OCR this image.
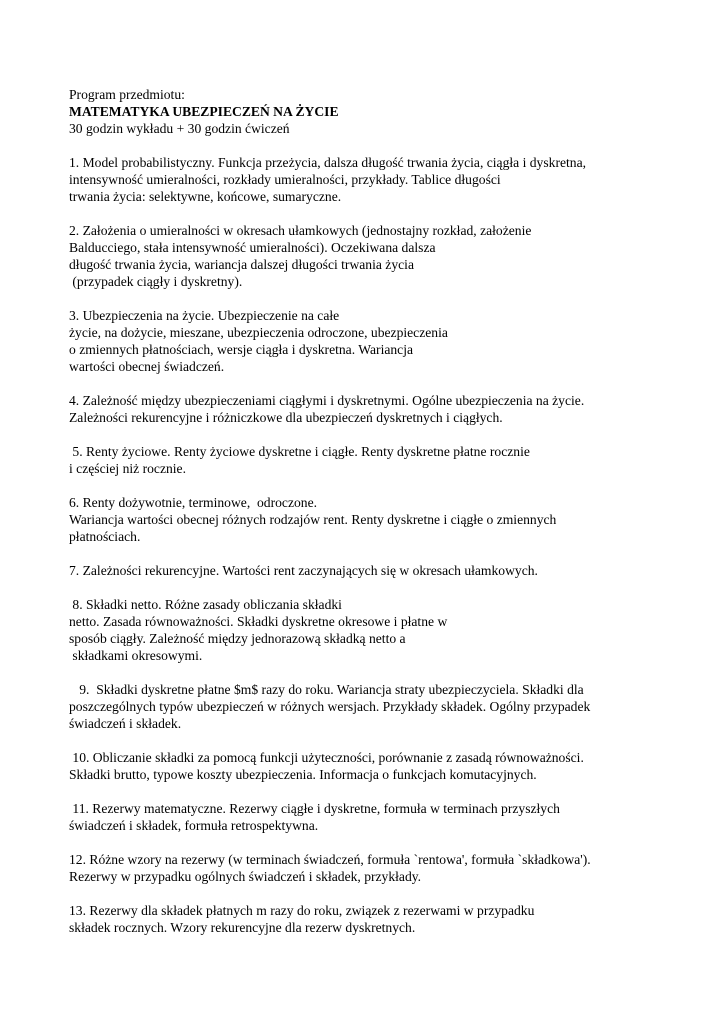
Program przedmiotu:
MATEMATYKA UBEZPIECZEŃ NA ŻYCIE
30 godzin wykładu + 30 godzin ćwiczeń
1. Model probabilistyczny. Funkcja przeżycia, dalsza długość trwania życia, ciągła i dyskretna,
intensywność umieralności, rozkłady umieralności, przykłady. Tablice długości
trwania życia: selektywne, końcowe, sumaryczne.
2. Założenia o umieralności w okresach ułamkowych (jednostajny rozkład, założenie
Balducciego, stała intensywność umieralności). Oczekiwana dalsza
długość trwania życia, wariancja dalszej długości trwania życia
(przypadek ciągły i dyskretny).
3. Ubezpieczenia na życie. Ubezpieczenie na całe
życie, na dożycie, mieszane, ubezpieczenia odroczone, ubezpieczenia
o zmiennych płatnościach, wersje ciągła i dyskretna. Wariancja
wartości obecnej świadczeń.
4. Zależność między ubezpieczeniami ciągłymi i dyskretnymi. Ogólne ubezpieczenia na życie.
Zależności rekurencyjne i różniczkowe dla ubezpieczeń dyskretnych i ciągłych.
5. Renty życiowe. Renty życiowe dyskretne i ciągłe. Renty dyskretne płatne rocznie
i częściej niż rocznie.
6. Renty dożywotnie, terminowe,  odroczone.
Wariancja wartości obecnej różnych rodzajów rent. Renty dyskretne i ciągłe o zmiennych
płatnościach.
7. Zależności rekurencyjne. Wartości rent zaczynających się w okresach ułamkowych.
8. Składki netto. Różne zasady obliczania składki
netto. Zasada równoważności. Składki dyskretne okresowe i płatne w
sposób ciągły. Zależność między jednorazową składką netto a
składkami okresowymi.
9.  Składki dyskretne płatne $m$ razy do roku. Wariancja straty ubezpieczyciela. Składki dla
poszczególnych typów ubezpieczeń w różnych wersjach. Przykłady składek. Ogólny przypadek
świadczeń i składek.
10. Obliczanie składki za pomocą funkcji użyteczności, porównanie z zasadą równoważności.
Składki brutto, typowe koszty ubezpieczenia. Informacja o funkcjach komutacyjnych.
11. Rezerwy matematyczne. Rezerwy ciągłe i dyskretne, formuła w terminach przyszłych
świadczeń i składek, formuła retrospektywna.
12. Różne wzory na rezerwy (w terminach świadczeń, formuła `rentowa', formuła `składkowa').
Rezerwy w przypadku ogólnych świadczeń i składek, przykłady.
13. Rezerwy dla składek płatnych m razy do roku, związek z rezerwami w przypadku
składek rocznych. Wzory rekurencyjne dla rezerw dyskretnych.
